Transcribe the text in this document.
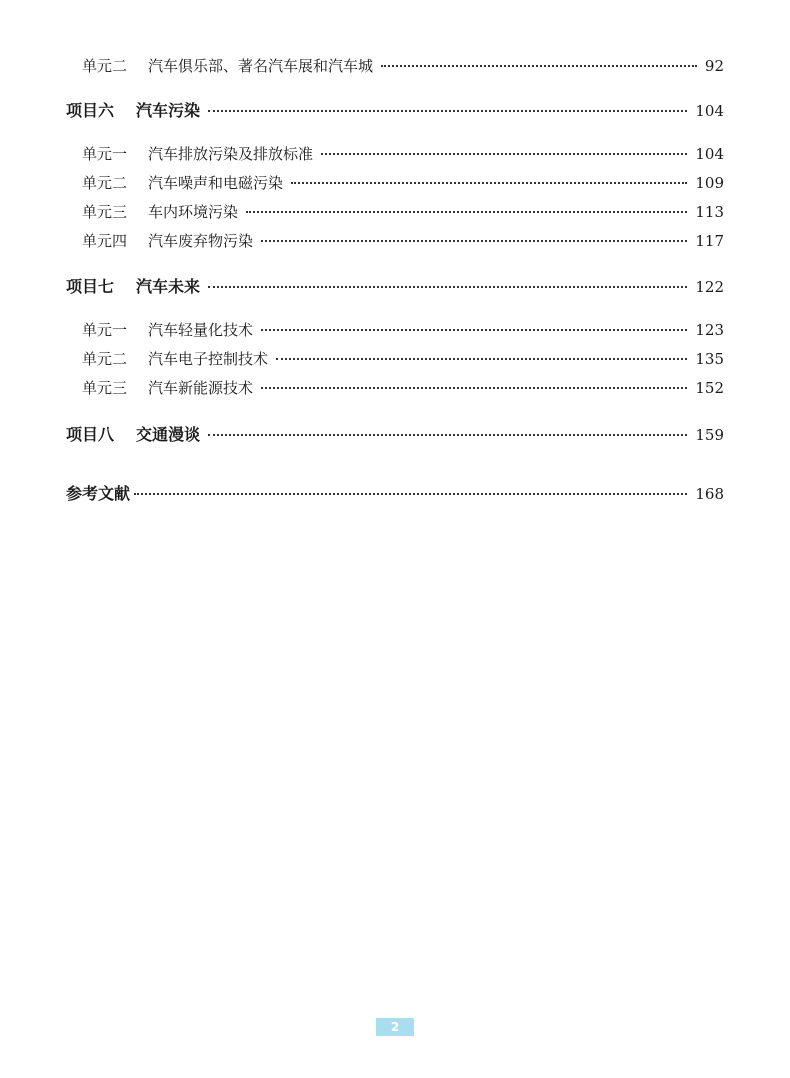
单元二	汽车俱乐部、著名汽车展和汽车城	92
项目六	汽车污染	104
单元一	汽车排放污染及排放标准	104
单元二	汽车噪声和电磁污染	109
单元三	车内环境污染	113
单元四	汽车废弃物污染	117
项目七	汽车未来	122
单元一	汽车轻量化技术	123
单元二	汽车电子控制技术	135
单元三	汽车新能源技术	152
项目八	交通漫谈	159
参考文献	168
2
